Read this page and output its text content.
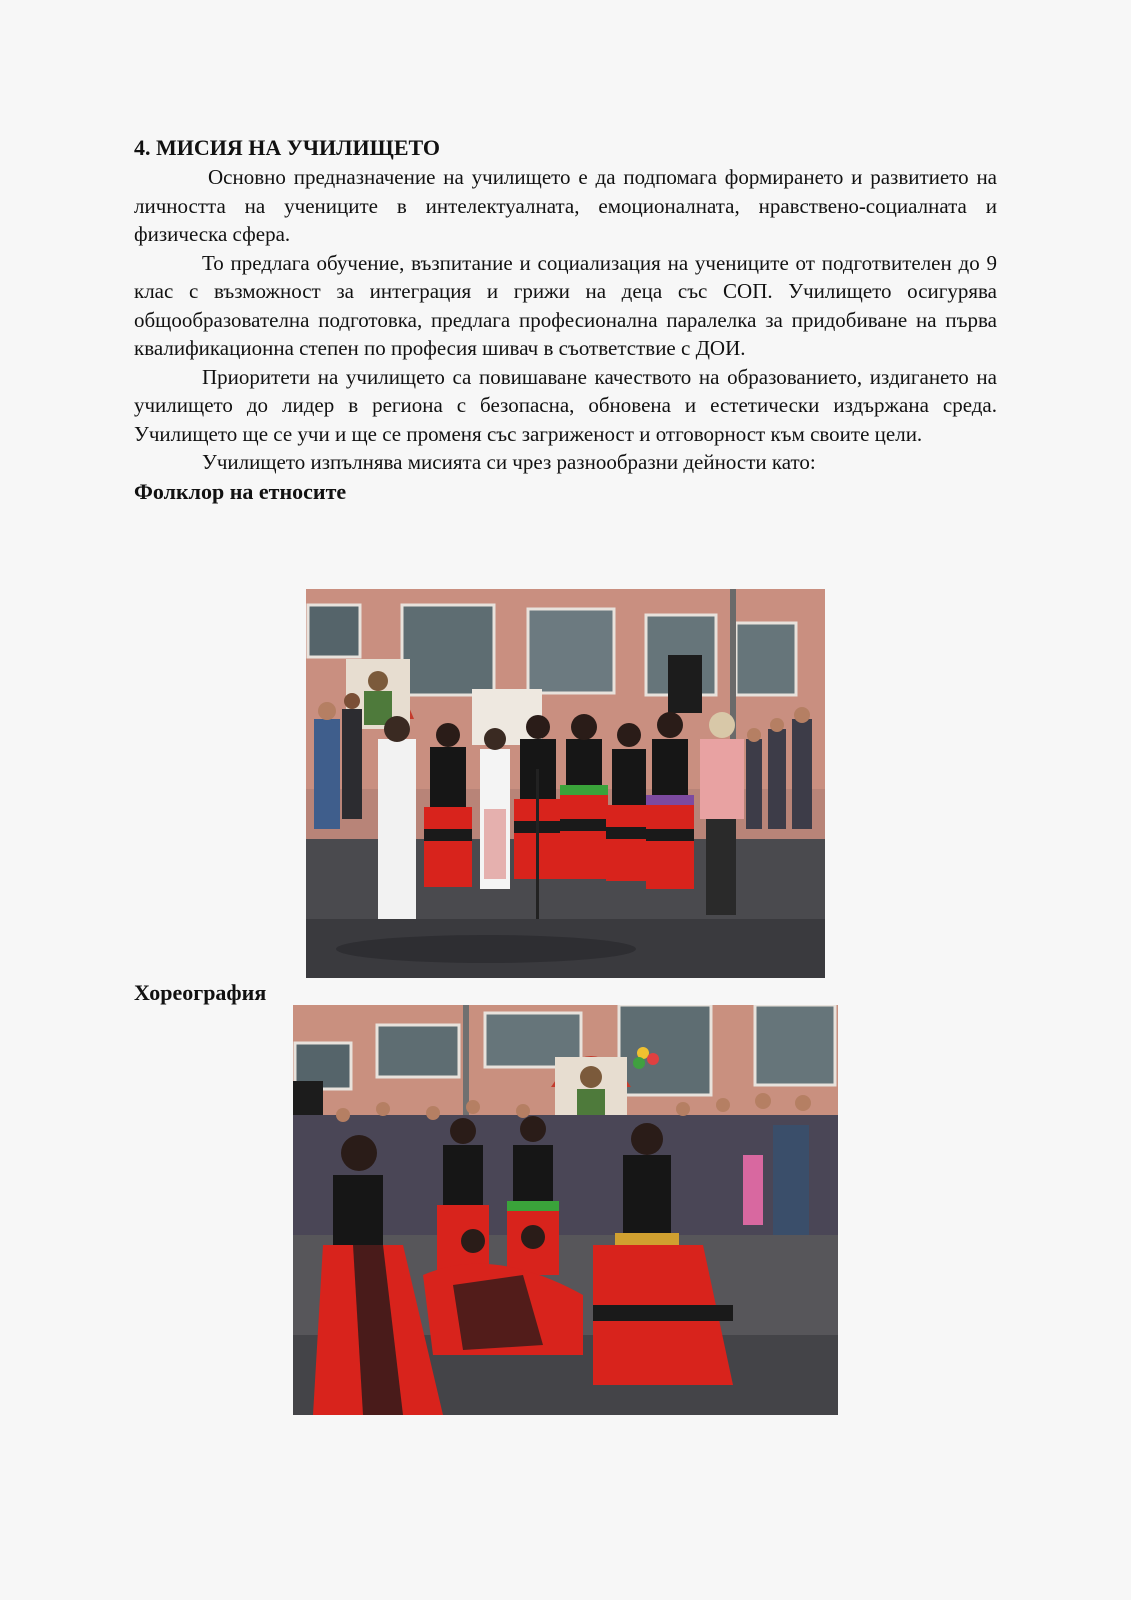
4. МИСИЯ НА УЧИЛИЩЕТО

Основно предназначение на училището е да подпомага формирането и развитието на личността на учениците в интелектуалната, емоционалната, нравствено-социалната и физическа сфера.

То предлага обучение, възпитание и социализация на учениците от подготвителен до 9 клас с възможност за интеграция и грижи на деца със СОП. Училището осигурява общообразователна подготовка, предлага професионална паралелка за придобиване на първа квалификационна степен по професия шивач в съответствие с ДОИ.

Приоритети на училището са повишаване качеството на образованието, издигането на училището до лидер в региона с безопасна, обновена и естетически издържана среда. Училището ще се учи и ще се променя със загриженост и отговорност към своите цели.

Училището изпълнява мисията си чрез разнообразни дейности като:

Фолклор на етносите

Хореография
